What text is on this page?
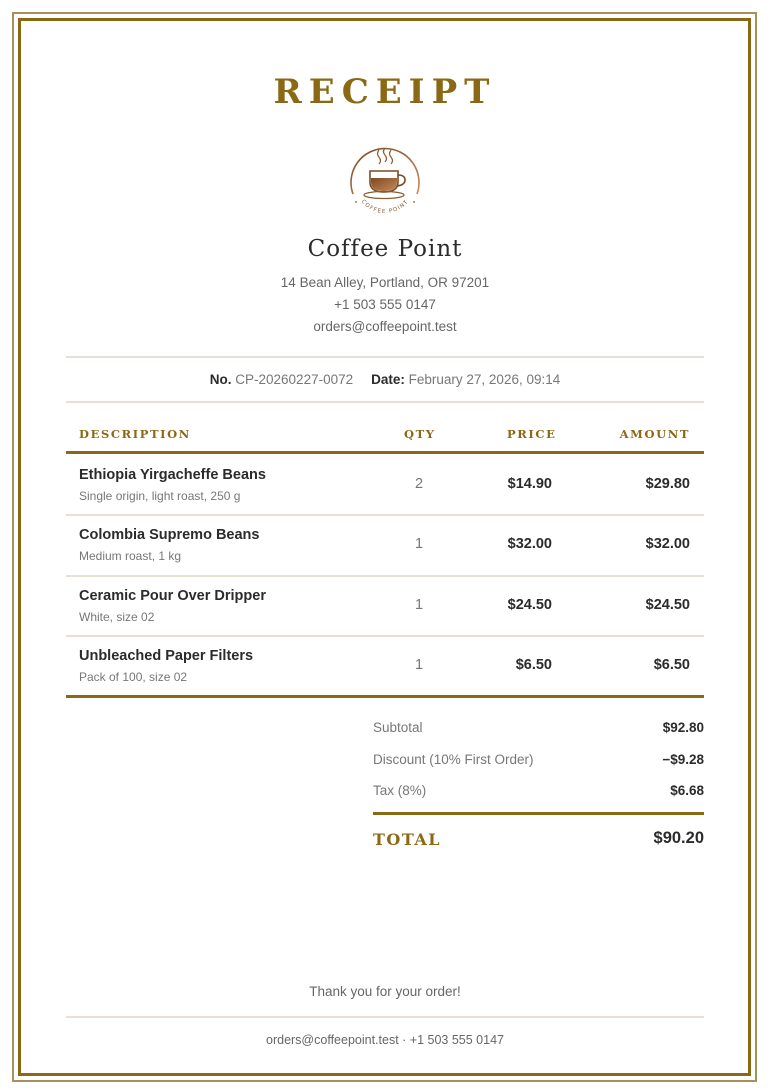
RECEIPT
COFFEE POINT
Coffee Point
14 Bean Alley, Portland, OR 97201
+1 503 555 0147
orders@coffeepoint.test
No. CP-20260227-0072 Date: February 27, 2026, 09:14
DESCRIPTION	QTY	PRICE	AMOUNT
Ethiopia Yirgacheffe Beans
Single origin, light roast, 250 g
2	$14.90	$29.80
Colombia Supremo Beans
Medium roast, 1 kg
1	$32.00	$32.00
Ceramic Pour Over Dripper
White, size 02
1	$24.50	$24.50
Unbleached Paper Filters
Pack of 100, size 02
1	$6.50	$6.50
Subtotal	$92.80
Discount (10% First Order)	−$9.28
Tax (8%)	$6.68
TOTAL	$90.20
Thank you for your order!
orders@coffeepoint.test · +1 503 555 0147
